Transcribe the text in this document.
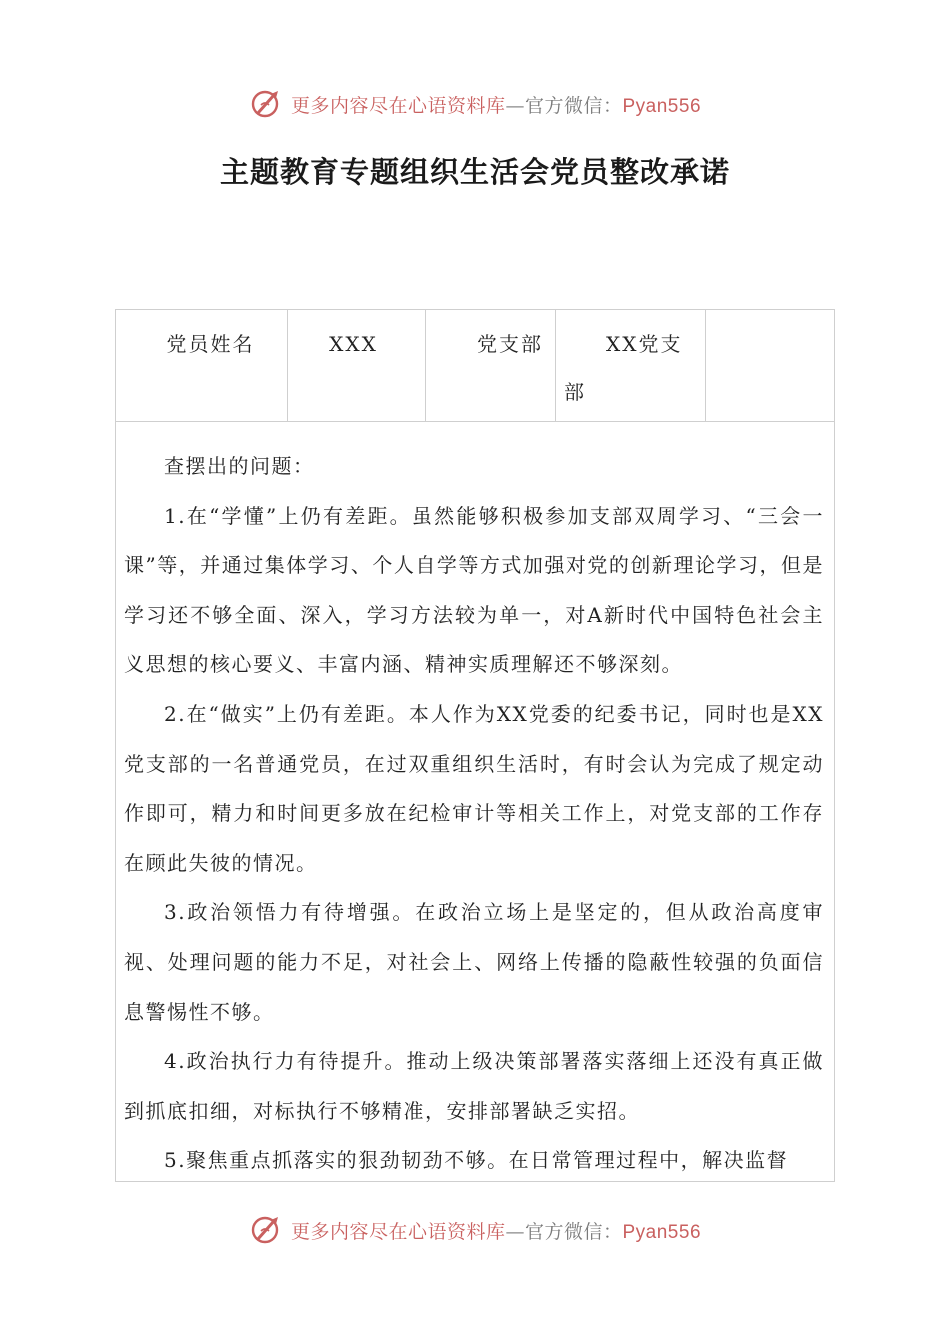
更多内容尽在心语资料库—官方微信：Pyan556
主题教育专题组织生活会党员整改承诺
党员姓名	XXX	党支部	XX党支部

查摆出的问题：

1.在“学懂”上仍有差距。虽然能够积极参加支部双周学习、“三会一课”等，并通过集体学习、个人自学等方式加强对党的创新理论学习，但是学习还不够全面、深入，学习方法较为单一，对A新时代中国特色社会主义思想的核心要义、丰富内涵、精神实质理解还不够深刻。

2.在“做实”上仍有差距。本人作为XX党委的纪委书记，同时也是XX党支部的一名普通党员，在过双重组织生活时，有时会认为完成了规定动作即可，精力和时间更多放在纪检审计等相关工作上，对党支部的工作存在顾此失彼的情况。

3.政治领悟力有待增强。在政治立场上是坚定的，但从政治高度审视、处理问题的能力不足，对社会上、网络上传播的隐蔽性较强的负面信息警惕性不够。

4.政治执行力有待提升。推动上级决策部署落实落细上还没有真正做到抓底扣细，对标执行不够精准，安排部署缺乏实招。

5.聚焦重点抓落实的狠劲韧劲不够。在日常管理过程中，解决监督

更多内容尽在心语资料库—官方微信：Pyan556
